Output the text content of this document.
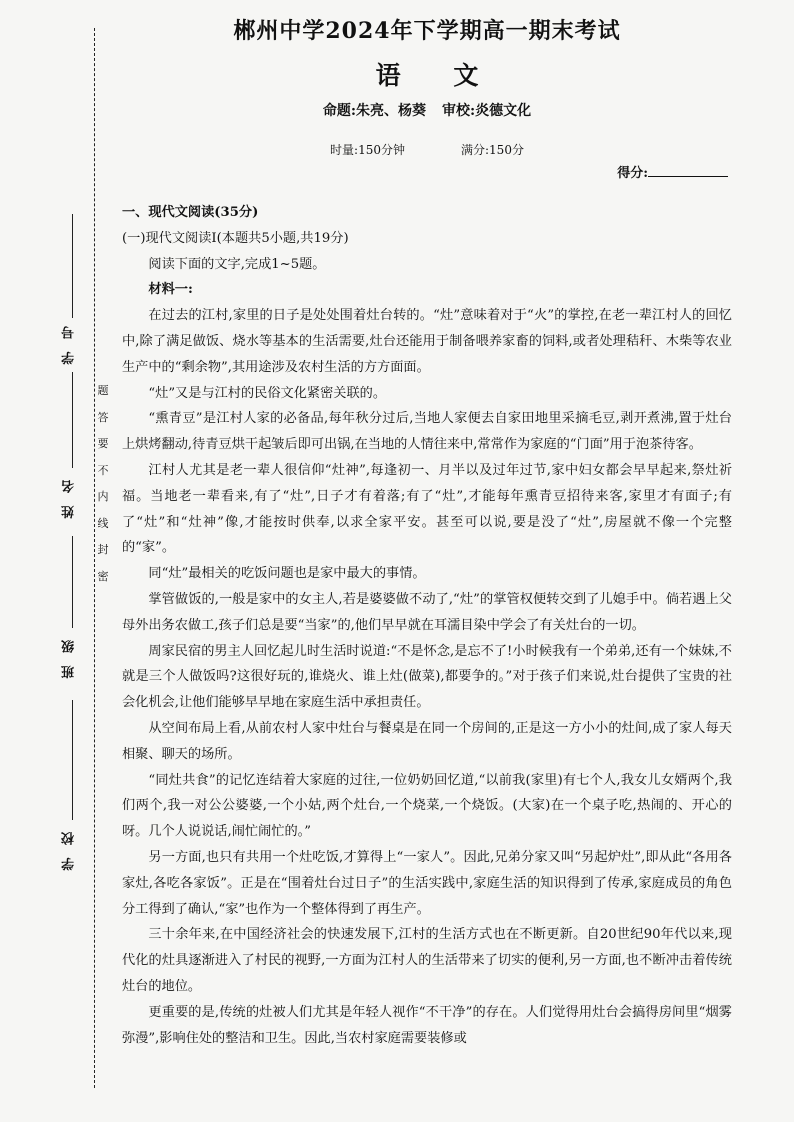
学 号
姓 名
班 级
学 校
题
答
要
不
内
线
封
密
郴州中学2024年下学期高一期末考试
语 文
命题:朱亮、杨葵 审校:炎德文化
时量:150分钟	满分:150分
得分:

一、现代文阅读(35分)

(一)现代文阅读Ⅰ(本题共5小题,共19分)

阅读下面的文字,完成1~5题。

材料一:

在过去的江村,家里的日子是处处围着灶台转的。“灶”意味着对于“火”的掌控,在老一辈江村人的回忆中,除了满足做饭、烧水等基本的生活需要,灶台还能用于制备喂养家畜的饲料,或者处理秸秆、木柴等农业生产中的“剩余物”,其用途涉及农村生活的方方面面。

“灶”又是与江村的民俗文化紧密关联的。

“熏青豆”是江村人家的必备品,每年秋分过后,当地人家便去自家田地里采摘毛豆,剥开煮沸,置于灶台上烘烤翻动,待青豆烘干起皱后即可出锅,在当地的人情往来中,常常作为家庭的“门面”用于泡茶待客。

江村人尤其是老一辈人很信仰“灶神”,每逢初一、月半以及过年过节,家中妇女都会早早起来,祭灶祈福。当地老一辈看来,有了“灶”,日子才有着落;有了“灶”,才能每年熏青豆招待来客,家里才有面子;有了“灶”和“灶神”像,才能按时供奉,以求全家平安。甚至可以说,要是没了“灶”,房屋就不像一个完整的“家”。

同“灶”最相关的吃饭问题也是家中最大的事情。

掌管做饭的,一般是家中的女主人,若是婆婆做不动了,“灶”的掌管权便转交到了儿媳手中。倘若遇上父母外出务农做工,孩子们总是要“当家”的,他们早早就在耳濡目染中学会了有关灶台的一切。

周家民宿的男主人回忆起儿时生活时说道:“不是怀念,是忘不了!小时候我有一个弟弟,还有一个妹妹,不就是三个人做饭吗?这很好玩的,谁烧火、谁上灶(做菜),都要争的。”对于孩子们来说,灶台提供了宝贵的社会化机会,让他们能够早早地在家庭生活中承担责任。

从空间布局上看,从前农村人家中灶台与餐桌是在同一个房间的,正是这一方小小的灶间,成了家人每天相聚、聊天的场所。

“同灶共食”的记忆连结着大家庭的过往,一位奶奶回忆道,“以前我(家里)有七个人,我女儿女婿两个,我们两个,我一对公公婆婆,一个小姑,两个灶台,一个烧菜,一个烧饭。(大家)在一个桌子吃,热闹的、开心的呀。几个人说说话,闹忙闹忙的。”

另一方面,也只有共用一个灶吃饭,才算得上“一家人”。因此,兄弟分家又叫“另起炉灶”,即从此“各用各家灶,各吃各家饭”。正是在“围着灶台过日子”的生活实践中,家庭生活的知识得到了传承,家庭成员的角色分工得到了确认,“家”也作为一个整体得到了再生产。

三十余年来,在中国经济社会的快速发展下,江村的生活方式也在不断更新。自20世纪90年代以来,现代化的灶具逐渐进入了村民的视野,一方面为江村人的生活带来了切实的便利,另一方面,也不断冲击着传统灶台的地位。

更重要的是,传统的灶被人们尤其是年轻人视作“不干净”的存在。人们觉得用灶台会搞得房间里“烟雾弥漫”,影响住处的整洁和卫生。因此,当农村家庭需要装修或
